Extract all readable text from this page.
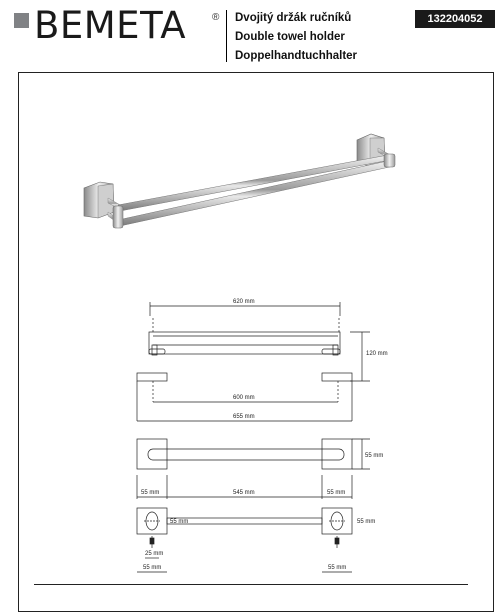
BEMETA	® Dvojitý držák ručníků
Double towel holder
Doppelhandtuchhalter
132204052
620 mm
120 mm
600 mm
655 mm
55 mm
55 mm	545 mm	55 mm
55 mm	55 mm
25 mm
55 mm	55 mm
